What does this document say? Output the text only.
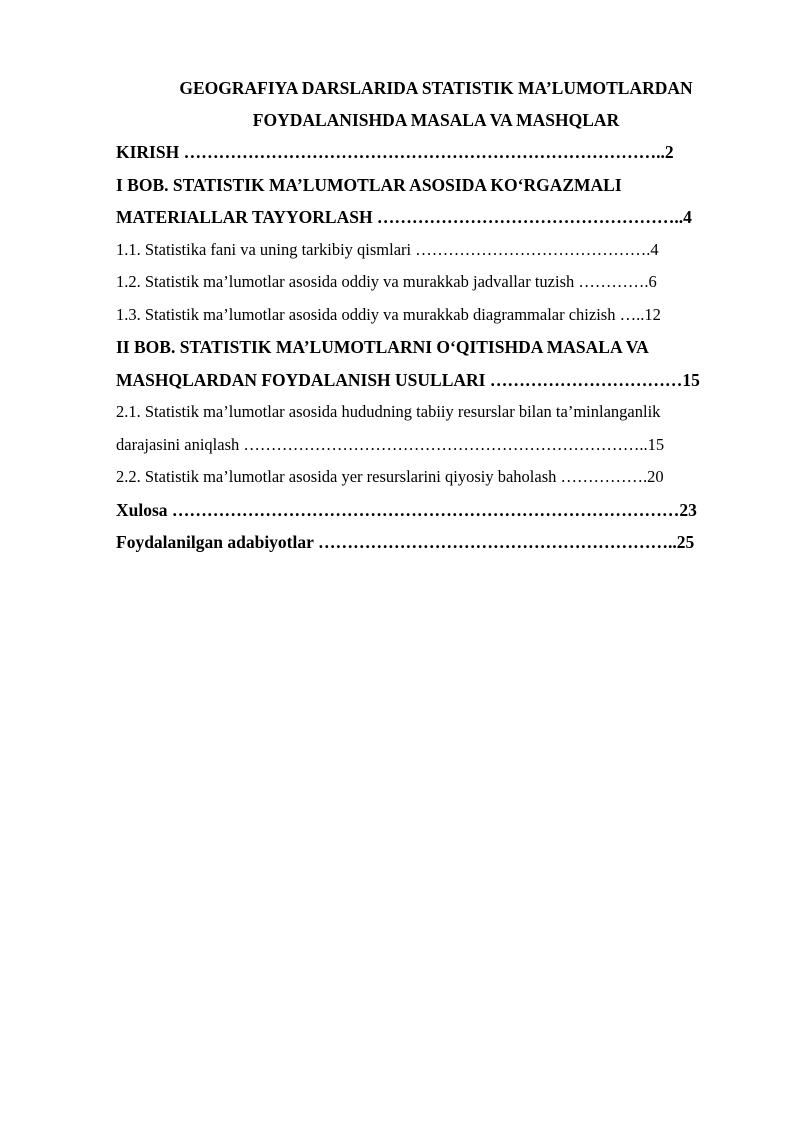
GEOGRAFIYA DARSLARIDA STATISTIK MA’LUMOTLARDAN
FOYDALANISHDA MASALA VA MASHQLAR

KIRISH ………………………………………………………………………..2

I BOB. STATISTIK MA’LUMOTLAR ASOSIDA KO‘RGAZMALI

MATERIALLAR TAYYORLASH ……………………………………………..4

1.1. Statistika fani va uning tarkibiy qismlari …………………………………….4

1.2. Statistik ma’lumotlar asosida oddiy va murakkab jadvallar tuzish ………….6

1.3. Statistik ma’lumotlar asosida oddiy va murakkab diagrammalar chizish …..12

II BOB. STATISTIK MA’LUMOTLARNI O‘QITISHDA MASALA VA

MASHQLARDAN FOYDALANISH USULLARI ……………………………15

2.1. Statistik ma’lumotlar asosida hududning tabiiy resurslar bilan ta’minlanganlik

darajasini aniqlash ………………………………………………………………..15

2.2. Statistik ma’lumotlar asosida yer resurslarini qiyosiy baholash …………….20

Xulosa ……………………………………………………………………………23

Foydalanilgan adabiyotlar ……………………………………………………..25
